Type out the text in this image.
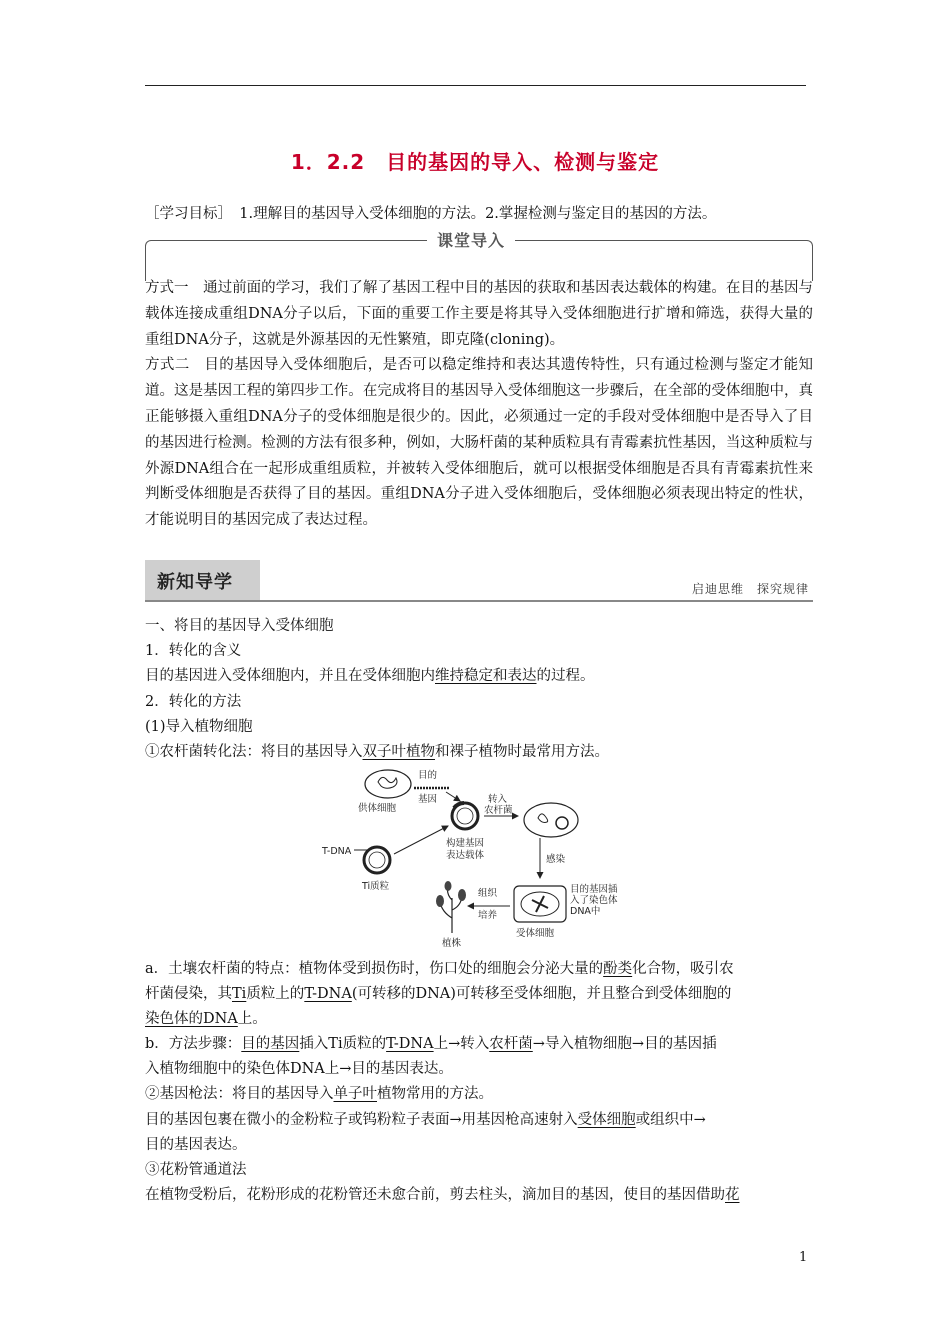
1．2.2　目的基因的导入、检测与鉴定
［学习目标］　1.理解目的基因导入受体细胞的方法。2.掌握检测与鉴定目的基因的方法。
课堂导入

方式一　通过前面的学习，我们了解了基因工程中目的基因的获取和基因表达载体的构建。在目的基因与载体连接成重组DNA分子以后，下面的重要工作主要是将其导入受体细胞进行扩增和筛选，获得大量的重组DNA分子，这就是外源基因的无性繁殖，即克隆(cloning)。

方式二　目的基因导入受体细胞后，是否可以稳定维持和表达其遗传特性，只有通过检测与鉴定才能知道。这是基因工程的第四步工作。在完成将目的基因导入受体细胞这一步骤后，在全部的受体细胞中，真正能够摄入重组DNA分子的受体细胞是很少的。因此，必须通过一定的手段对受体细胞中是否导入了目的基因进行检测。检测的方法有很多种，例如，大肠杆菌的某种质粒具有青霉素抗性基因，当这种质粒与外源DNA组合在一起形成重组质粒，并被转入受体细胞后，就可以根据受体细胞是否具有青霉素抗性来判断受体细胞是否获得了目的基因。重组DNA分子进入受体细胞后，受体细胞必须表现出特定的性状，才能说明目的基因完成了表达过程。

新知导学	启迪思维　探究规律
一、将目的基因导入受体细胞
1．转化的含义
目的基因进入受体细胞内，并且在受体细胞内维持稳定和表达的过程。
2．转化的方法
(1)导入植物细胞
①农杆菌转化法：将目的基因导入双子叶植物和裸子植物时最常用方法。
供体细胞
目的
基因
T-DNA
Ti质粒
构建基因
表达载体
转入
农杆菌
感染
受体细胞
目的基因插
入了染色体
DNA中
组织
培养
植株
a．土壤农杆菌的特点：植物体受到损伤时，伤口处的细胞会分泌大量的酚类化合物，吸引农
杆菌侵染，其Ti质粒上的T-DNA(可转移的DNA)可转移至受体细胞，并且整合到受体细胞的
染色体的DNA上。
b．方法步骤：目的基因插入Ti质粒的T-DNA上→转入农杆菌→导入植物细胞→目的基因插
入植物细胞中的染色体DNA上→目的基因表达。
②基因枪法：将目的基因导入单子叶植物常用的方法。
目的基因包裹在微小的金粉粒子或钨粉粒子表面→用基因枪高速射入受体细胞或组织中→
目的基因表达。
③花粉管通道法
在植物受粉后，花粉形成的花粉管还未愈合前，剪去柱头，滴加目的基因，使目的基因借助花
1
